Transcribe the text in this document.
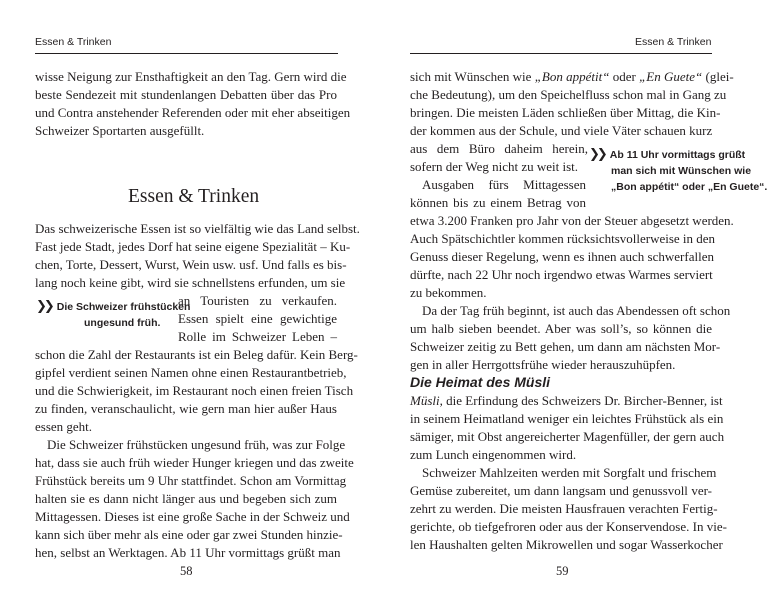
Essen & Trinken
wisse Neigung zur Ensthaftigkeit an den Tag. Gern wird die
beste Sendezeit mit stundenlangen Debatten über das Pro
und Contra anstehender Referenden oder mit eher abseitigen
Schweizer Sportarten ausgefüllt.
Essen & Trinken
Das schweizerische Essen ist so vielfältig wie das Land selbst.
Fast jede Stadt, jedes Dorf hat seine eigene Spezialität – Ku-
chen, Torte, Dessert, Wurst, Wein usw. usf. Und falls es bis-
lang noch keine gibt, wird sie schnellstens erfunden, um sie
an Touristen zu verkaufen.
Essen spielt eine gewichtige
Rolle im Schweizer Leben –
schon die Zahl der Restaurants ist ein Beleg dafür. Kein Berg-
gipfel verdient seinen Namen ohne einen Restaurantbetrieb,
und die Schwierigkeit, im Restaurant noch einen freien Tisch
zu finden, veranschaulicht, wie gern man hier außer Haus
essen geht.
Die Schweizer frühstücken ungesund früh, was zur Folge
hat, dass sie auch früh wieder Hunger kriegen und das zweite
Frühstück bereits um 9 Uhr stattfindet. Schon am Vormittag
halten sie es dann nicht länger aus und begeben sich zum
Mittagessen. Dieses ist eine große Sache in der Schweiz und
kann sich über mehr als eine oder gar zwei Stunden hinzie-
hen, selbst an Werktagen. Ab 11 Uhr vormittags grüßt man
❯❯ Die Schweizer frühstücken
ungesund früh.
58
Essen & Trinken
sich mit Wünschen wie „Bon appétit“ oder „En Guete“ (glei-
che Bedeutung), um den Speichelfluss schon mal in Gang zu
bringen. Die meisten Läden schließen über Mittag, die Kin-
der kommen aus der Schule, und viele Väter schauen kurz
aus dem Büro daheim herein,
sofern der Weg nicht zu weit ist.
Ausgaben fürs Mittagessen
können bis zu einem Betrag von
etwa 3.200 Franken pro Jahr von der Steuer abgesetzt werden.
Auch Spätschichtler kommen rücksichtsvollerweise in den
Genuss dieser Regelung, wenn es ihnen auch schwerfallen
dürfte, nach 22 Uhr noch irgendwo etwas Warmes serviert
zu bekommen.
Da der Tag früh beginnt, ist auch das Abendessen oft schon
um halb sieben beendet. Aber was soll’s, so können die
Schweizer zeitig zu Bett gehen, um dann am nächsten Mor-
gen in aller Herrgottsfrühe wieder herauszuhüpfen.
Die Heimat des Müsli
Müsli, die Erfindung des Schweizers Dr. Bircher-Benner, ist
in seinem Heimatland weniger ein leichtes Frühstück als ein
sämiger, mit Obst angereicherter Magenfüller, der gern auch
zum Lunch eingenommen wird.
Schweizer Mahlzeiten werden mit Sorgfalt und frischem
Gemüse zubereitet, um dann langsam und genussvoll ver-
zehrt zu werden. Die meisten Hausfrauen verachten Fertig-
gerichte, ob tiefgefroren oder aus der Konservendose. In vie-
len Haushalten gelten Mikrowellen und sogar Wasserkocher
❯❯ Ab 11 Uhr vormittags grüßt
man sich mit Wünschen wie
„Bon appétit“ oder „En Guete“.
59
